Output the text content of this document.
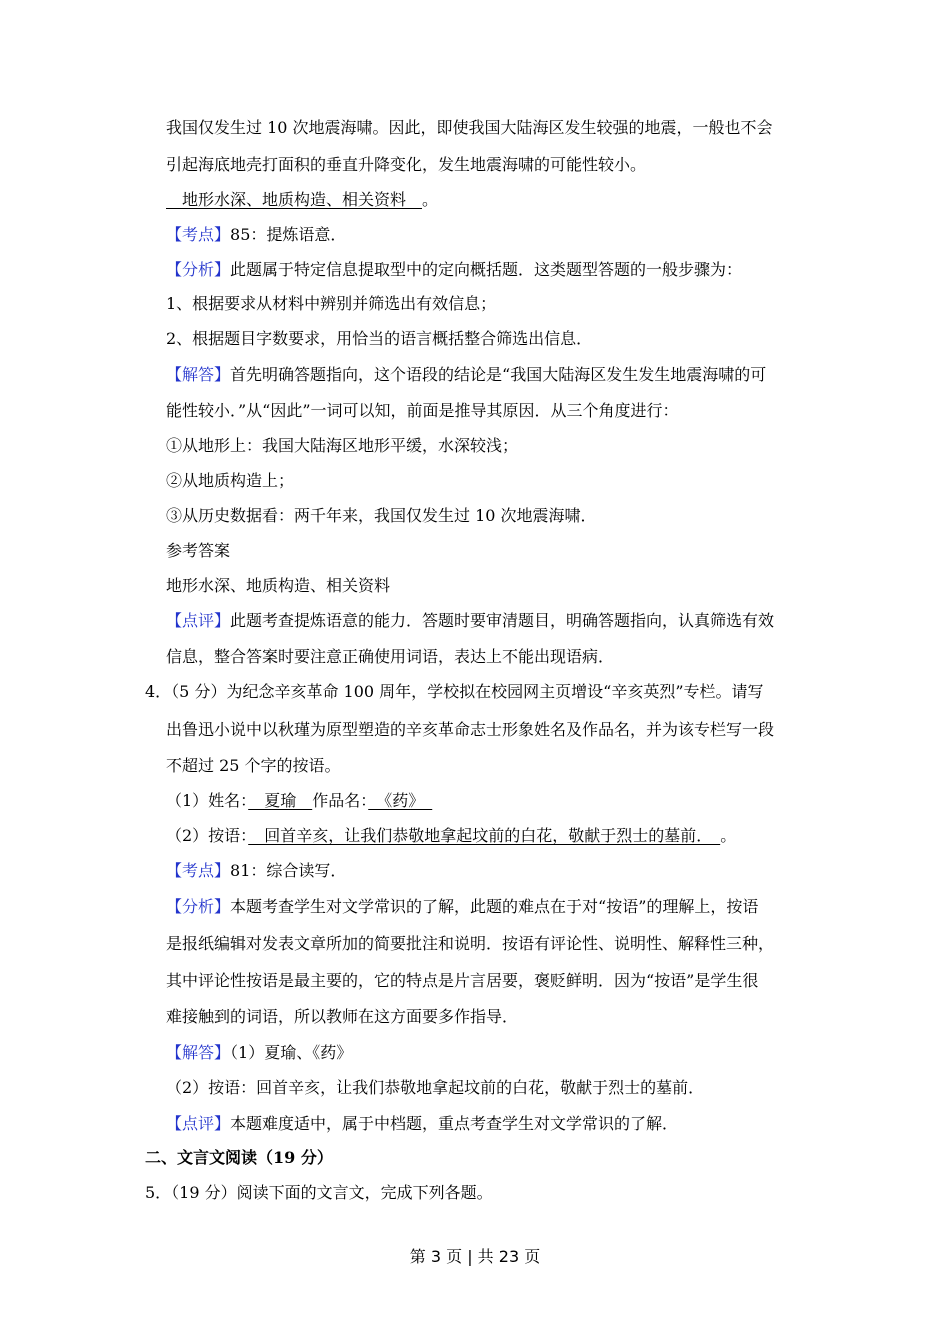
我国仅发生过 10 次地震海啸。因此，即使我国大陆海区发生较强的地震，一般也不会
引起海底地壳打面积的垂直升降变化，发生地震海啸的可能性较小。
　地形水深、地质构造、相关资料　。
【考点】85：提炼语意．
【分析】此题属于特定信息提取型中的定向概括题．这类题型答题的一般步骤为：
1、根据要求从材料中辨别并筛选出有效信息；
2、根据题目字数要求，用恰当的语言概括整合筛选出信息．
【解答】首先明确答题指向，这个语段的结论是“我国大陆海区发生发生地震海啸的可
能性较小．”从“因此”一词可以知，前面是推导其原因．从三个角度进行：
①从地形上：我国大陆海区地形平缓，水深较浅；
②从地质构造上；
③从历史数据看：两千年来，我国仅发生过 10 次地震海啸．
参考答案
地形水深、地质构造、相关资料
【点评】此题考查提炼语意的能力．答题时要审清题目，明确答题指向，认真筛选有效
信息，整合答案时要注意正确使用词语，表达上不能出现语病．
4．（5 分）为纪念辛亥革命 100 周年，学校拟在校园网主页增设“辛亥英烈”专栏。请写
出鲁迅小说中以秋瑾为原型塑造的辛亥革命志士形象姓名及作品名，并为该专栏写一段
不超过 25 个字的按语。
（1）姓名：　夏瑜　作品名：　《药》　
（2）按语：　回首辛亥，让我们恭敬地拿起坟前的白花，敬献于烈士的墓前．　。
【考点】81：综合读写．
【分析】本题考查学生对文学常识的了解，此题的难点在于对“按语”的理解上，按语
是报纸编辑对发表文章所加的简要批注和说明．按语有评论性、说明性、解释性三种，
其中评论性按语是最主要的，它的特点是片言居要，褒贬鲜明．因为“按语”是学生很
难接触到的词语，所以教师在这方面要多作指导．
【解答】（1）夏瑜、《药》
（2）按语：回首辛亥，让我们恭敬地拿起坟前的白花，敬献于烈士的墓前．
【点评】本题难度适中，属于中档题，重点考查学生对文学常识的了解．
二、文言文阅读（19 分）
5．（19 分）阅读下面的文言文，完成下列各题。
第 3 页 | 共 23 页
